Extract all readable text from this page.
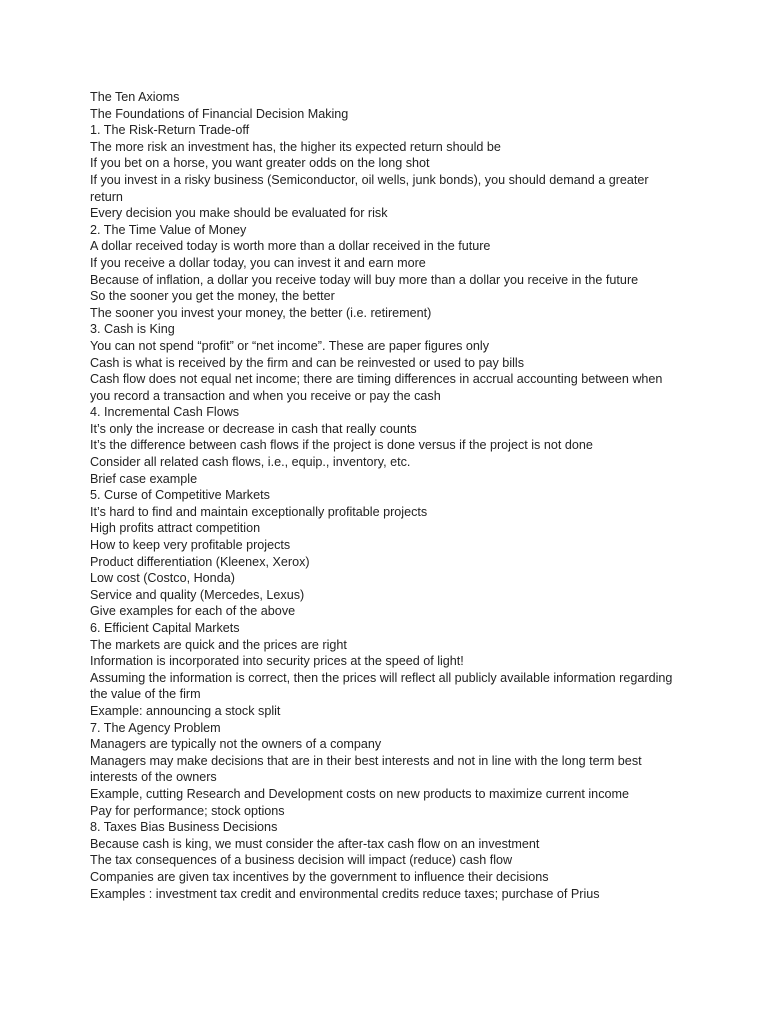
The Ten Axioms
The Foundations of Financial Decision Making
1. The Risk-Return Trade-off
The more risk an investment has, the higher its expected return should be
If you bet on a horse, you want greater odds on the long shot
If you invest in a risky business (Semiconductor, oil wells, junk bonds), you should demand a greater return
Every decision you make should be evaluated for risk
2. The Time Value of Money
A dollar received today is worth more than a dollar received in the future
If you receive a dollar today, you can invest it and earn more
Because of inflation, a dollar you receive today will buy more than a dollar you receive in the future
So the sooner you get the money, the better
The sooner you invest your money, the better (i.e. retirement)
3. Cash is King
You can not spend “profit” or “net income”. These are paper figures only
Cash is what is received by the firm and can be reinvested or used to pay bills
Cash flow does not equal net income; there are timing differences in accrual accounting between when you record a transaction and when you receive or pay the cash
4. Incremental Cash Flows
It’s only the increase or decrease in cash that really counts
It’s the difference between cash flows if the project is done versus if the project is not done
Consider all related cash flows, i.e., equip., inventory, etc.
Brief case example
5. Curse of Competitive Markets
It’s hard to find and maintain exceptionally profitable projects
High profits attract competition
How to keep very profitable projects
Product differentiation (Kleenex, Xerox)
Low cost (Costco, Honda)
Service and quality (Mercedes, Lexus)
Give examples for each of the above
6. Efficient Capital Markets
The markets are quick and the prices are right
Information is incorporated into security prices at the speed of light!
Assuming the information is correct, then the prices will reflect all publicly available information regarding the value of the firm
Example: announcing a stock split
7. The Agency Problem
Managers are typically not the owners of a company
Managers may make decisions that are in their best interests and not in line with the long term best interests of the owners
Example, cutting Research and Development costs on new products to maximize current income
Pay for performance; stock options
8. Taxes Bias Business Decisions
Because cash is king, we must consider the after-tax cash flow on an investment
The tax consequences of a business decision will impact (reduce) cash flow
Companies are given tax incentives by the government to influence their decisions
Examples : investment tax credit and environmental credits reduce taxes; purchase of Prius
